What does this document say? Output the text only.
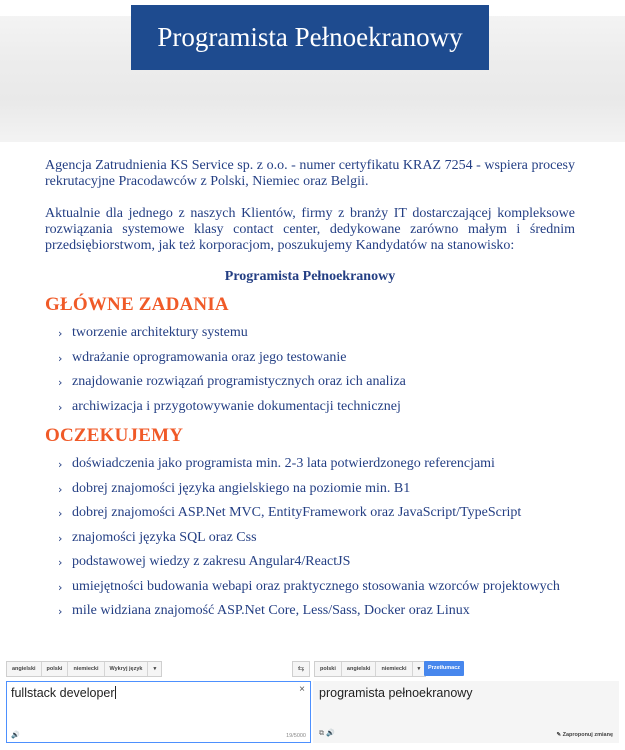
Programista Pełnoekranowy

Agencja Zatrudnienia KS Service sp. z o.o. - numer certyfikatu KRAZ 7254 - wspiera procesy rekrutacyjne Pracodawców z Polski, Niemiec oraz Belgii.

Aktualnie dla jednego z naszych Klientów, firmy z branży IT dostarczającej kompleksowe rozwiązania systemowe klasy contact center, dedykowane zarówno małym i średnim przedsiębiorstwom, jak też korporacjom, poszukujemy Kandydatów na stanowisko:

Programista Pełnoekranowy
GŁÓWNE ZADANIA
› tworzenie architektury systemu
› wdrażanie oprogramowania oraz jego testowanie
› znajdowanie rozwiązań programistycznych oraz ich analiza
› archiwizacja i przygotowywanie dokumentacji technicznej
OCZEKUJEMY
› doświadczenia jako programista min. 2-3 lata potwierdzonego referencjami
› dobrej znajomości języka angielskiego na poziomie min. B1
› dobrej znajomości ASP.Net MVC, EntityFramework oraz JavaScript/TypeScript
› znajomości języka SQL oraz Css
› podstawowej wiedzy z zakresu Angular4/ReactJS
› umiejętności budowania webapi oraz praktycznego stosowania wzorców projektowych
› mile widziana znajomość ASP.Net Core, Less/Sass, Docker oraz Linux
angielski	polski	niemiecki	Wykryj język	▾	⇆	polski	angielski	niemiecki	▾	Przetłumacz
fullstack developer	×
🔊	19/5000
programista pełnoekranowy
⧉ 🔊	✎ Zaproponuj zmianę
